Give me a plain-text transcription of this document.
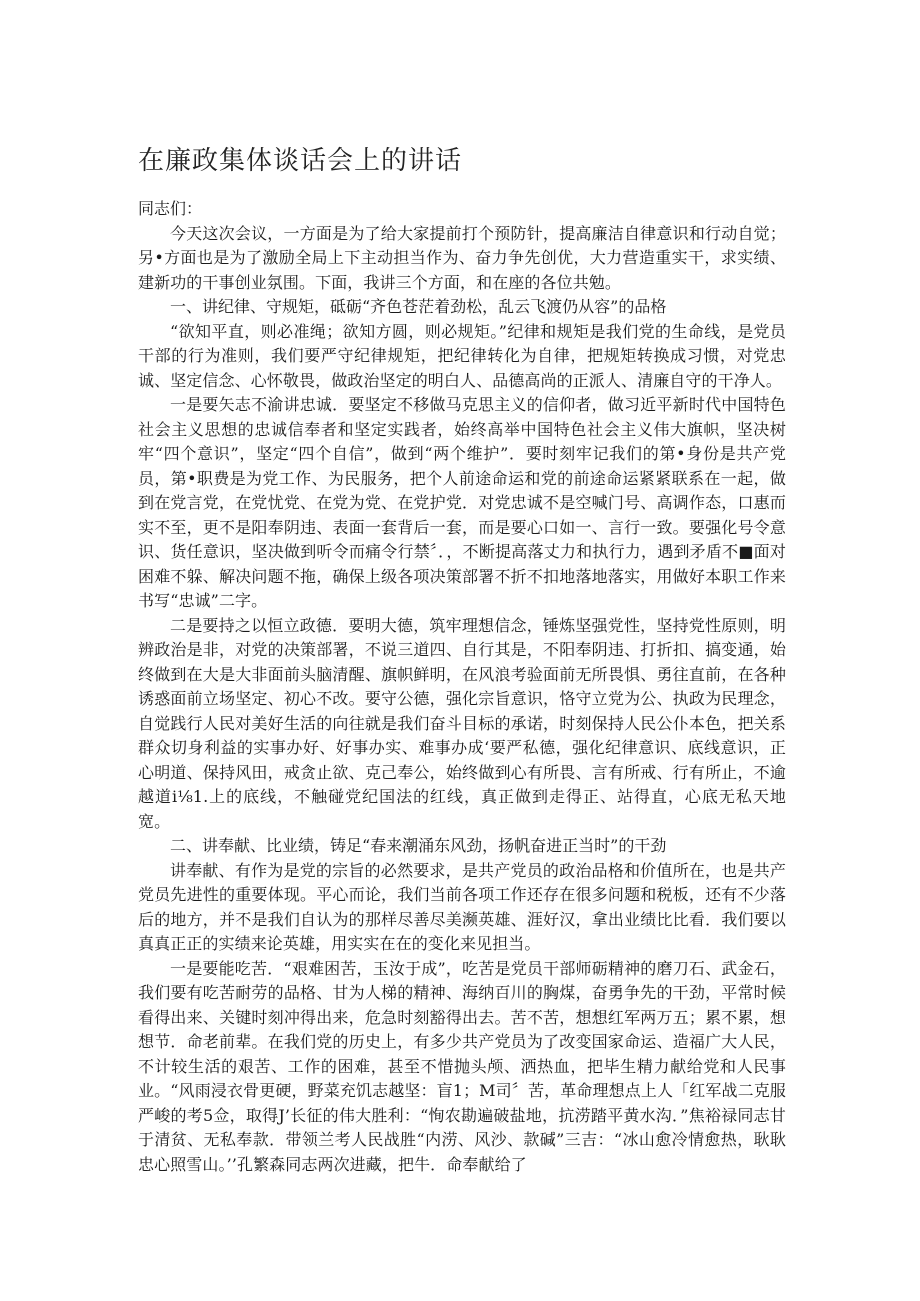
在廉政集体谈话会上的讲话

同志们：

今天这次会议，一方面是为了给大家提前打个预防针，提高廉洁自律意识和行动自觉；另•方面也是为了激励全局上下主动担当作为、奋力争先创优，大力营造重实干，求实绩、建新功的干事创业氛围。下面，我讲三个方面，和在座的各位共勉。

一、讲纪律、守规矩，砥砺“齐色苍茫着劲松，乱云飞渡仍从容”的品格

“欲知平直，则必准绳；欲知方圆，则必规矩。”纪律和规矩是我们党的生命线，是党员干部的行为准则，我们要严守纪律规矩，把纪律转化为自律，把规矩转换成习惯，对党忠诚、坚定信念、心怀敬畏，做政治坚定的明白人、品德高尚的正派人、清廉自守的干净人。

一是要矢志不渝讲忠诚．要坚定不移做马克思主义的信仰者，做习近平新时代中国特色社会主义思想的忠诚信奉者和坚定实践者，始终高举中国特色社会主义伟大旗帜，坚决树牢“四个意识”，坚定“四个自信”，做到“两个维护”．要时刻牢记我们的第•身份是共产党员，第•职费是为党工作、为民服务，把个人前途命运和党的前途命运紧紧联系在一起，做到在党言党，在党忧党、在党为党、在党护党．对党忠诚不是空喊门号、高调作态，口惠而实不至，更不是阳奉阴违、表面一套背后一套，而是要心口如一、言行一致。要强化号令意识、货任意识，坚决做到听令而痛令行禁〞．，不断提高落丈力和执行力，遇到矛盾不■面对困难不躲、解决问题不拖，确保上级各项决策部署不折不扣地落地落实，用做好本职工作来书写“忠诚”二字。

二是要持之以恒立政德．要明大德，筑牢理想信念，锤炼坚强党性，坚持党性原则，明辨政治是非，对党的决策部署，不说三道四、自行其是，不阳奉阴违、打折扣、搞变通，始终做到在大是大非面前头脑清醒、旗帜鲜明，在风浪考验面前无所畏惧、勇往直前，在各种诱惑面前立场坚定、初心不改。要守公德，强化宗旨意识，恪守立党为公、执政为民理念，自觉践行人民对美好生活的向往就是我们奋斗目标的承诺，时刻保持人民公仆本色，把关系群众切身利益的实事办好、好事办实、难事办成‘要严私德，强化纪律意识、底线意识，正心明道、保持风田，戒贪止欲、克己奉公，始终做到心有所畏、言有所戒、行有所止，不逾越道i⅛1.上的底线，不触碰党纪国法的红线，真正做到走得正、站得直，心底无私天地宽。

二、讲奉献、比业绩，铸足“春来潮涌东风劲，扬帆奋进正当时”的干劲

讲奉献、有作为是党的宗旨的必然要求，是共产党员的政治品格和价值所在，也是共产党员先进性的重要体现。平心而论，我们当前各项工作还存在很多问题和税板，还有不少落后的地方，并不是我们自认为的那样尽善尽美濒英雄、涯好汉，拿出业绩比比看．我们要以真真正正的实绩来论英雄，用实实在在的变化来见担当。

一是要能吃苦．“艰难困苦，玉汝于成”，吃苦是党员干部师砺精神的磨刀石、武金石，我们要有吃苦耐劳的品格、甘为人梯的精神、海纳百川的胸煤，奋勇争先的干劲，平常时候看得出来、关键时刻冲得出来，危急时刻豁得出去。苦不苦，想想红军两万五；累不累，想想节．命老前辈。在我们党的历史上，有多少共产党员为了改变国家命运、造福广大人民，不计较生活的艰苦、工作的困难，甚至不惜抛头颅、洒热血，把毕生精力献给党和人民事业。“风雨浸衣骨更硬，野菜充饥志越坚：盲1；M司〞苦，革命理想点上人「红军战二克服严峻的考5佥，取得J’长征的伟大胜利：“恂农勘遍破盐地，抗涝踏平黄水沟．”焦裕禄同志甘于清贫、无私奉款．带领兰考人民战胜“内涝、风沙、款碱”三吉：“冰山愈冷情愈热，耿耿忠心照雪山。’’孔繁森同志两次进藏，把牛．命奉献给了
